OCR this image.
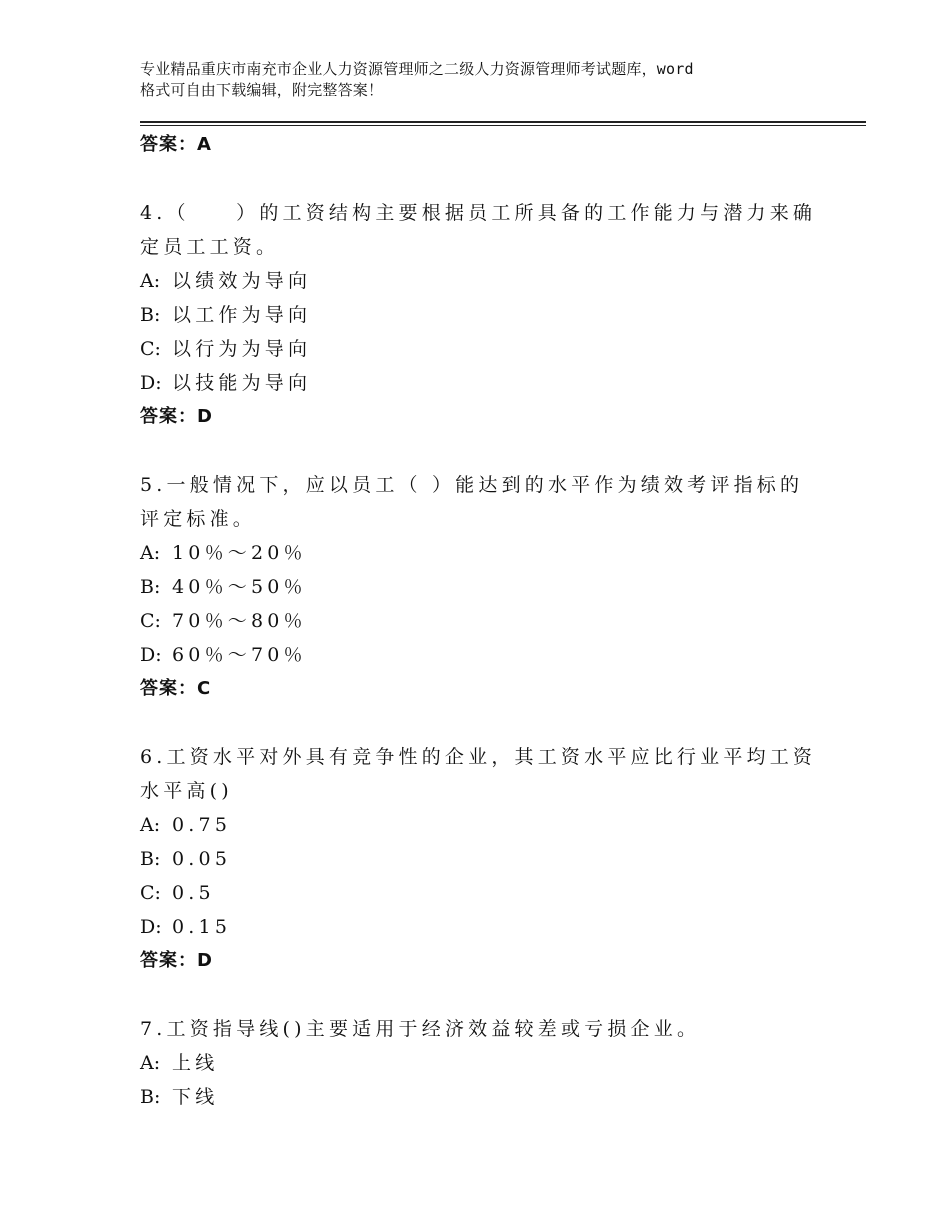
专业精品重庆市南充市企业人力资源管理师之二级人力资源管理师考试题库，word
格式可自由下载编辑，附完整答案！
答案：A

4.（　　）的工资结构主要根据员工所具备的工作能力与潜力来确定员工工资。

A: 以绩效为导向
B: 以工作为导向
C: 以行为为导向
D: 以技能为导向
答案：D

5.一般情况下，应以员工（ ）能达到的水平作为绩效考评指标的评定标准。

A: 10％～20％
B: 40％～50％
C: 70％～80％
D: 60％～70％
答案：C

6.工资水平对外具有竞争性的企业，其工资水平应比行业平均工资水平高()

A: 0.75
B: 0.05
C: 0.5
D: 0.15
答案：D

7.工资指导线()主要适用于经济效益较差或亏损企业。

A: 上线
B: 下线
